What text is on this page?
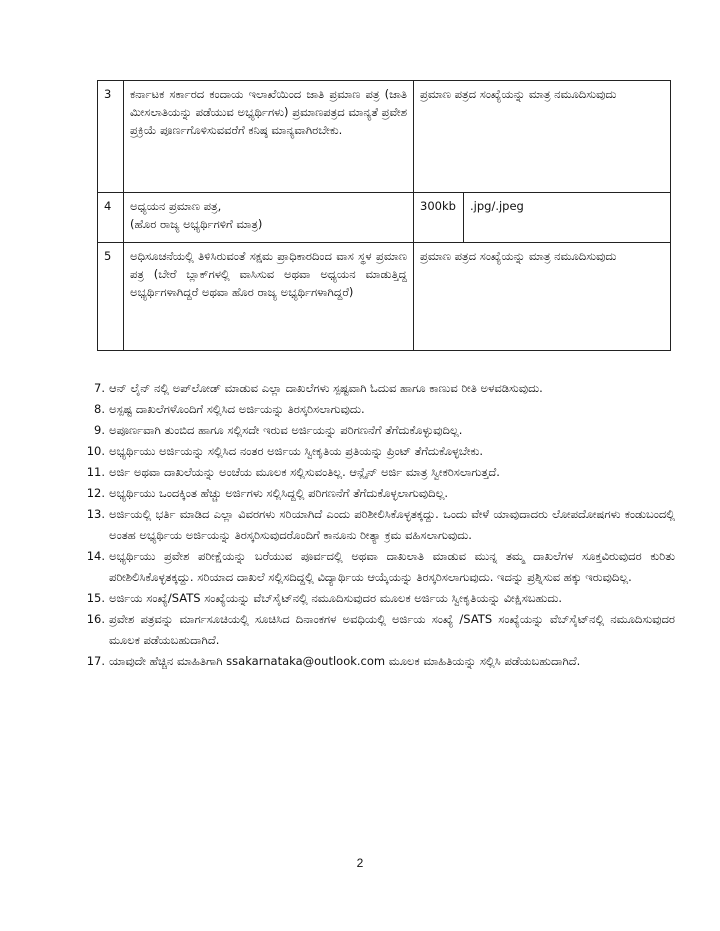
3	ಕರ್ನಾಟಕ ಸರ್ಕಾರದ ಕಂದಾಯ ಇಲಾಖೆಯಿಂದ ಜಾತಿ ಪ್ರಮಾಣ ಪತ್ರ (ಜಾತಿ ಮೀಸಲಾತಿಯನ್ನು ಪಡೆಯುವ ಅಭ್ಯರ್ಥಿಗಳು) ಪ್ರಮಾಣಪತ್ರದ ಮಾನ್ಯತೆ ಪ್ರವೇಶ ಪ್ರಕ್ರಿಯೆ ಪೂರ್ಣಗೊಳಿಸುವವರೆಗೆ ಕನಿಷ್ಠ ಮಾನ್ಯವಾಗಿರಬೇಕು.	ಪ್ರಮಾಣ ಪತ್ರದ ಸಂಖ್ಯೆಯನ್ನು ಮಾತ್ರ ನಮೂದಿಸುವುದು	
4	ಅಧ್ಯಯನ ಪ್ರಮಾಣ ಪತ್ರ,
(ಹೊರ ರಾಜ್ಯ ಅಭ್ಯರ್ಥಿಗಳಿಗೆ ಮಾತ್ರ)	300kb	.jpg/.jpeg
5	ಅಧಿಸೂಚನೆಯಲ್ಲಿ ತಿಳಿಸಿರುವಂತೆ ಸಕ್ಷಮ ಪ್ರಾಧಿಕಾರದಿಂದ ವಾಸ ಸ್ಥಳ ಪ್ರಮಾಣ ಪತ್ರ (ಬೇರೆ ಬ್ಲಾಕ್‌ಗಳಲ್ಲಿ ವಾಸಿಸುವ ಅಥವಾ ಅಧ್ಯಯನ ಮಾಡುತ್ತಿದ್ದ ಅಭ್ಯರ್ಥಿಗಳಾಗಿದ್ದರೆ ಅಥವಾ ಹೊರ ರಾಜ್ಯ ಅಭ್ಯರ್ಥಿಗಳಾಗಿದ್ದರೆ)	ಪ್ರಮಾಣ ಪತ್ರದ ಸಂಖ್ಯೆಯನ್ನು ಮಾತ್ರ ನಮೂದಿಸುವುದು	
7. ಆನ್ ಲೈನ್ ನಲ್ಲಿ ಅಪ್‌ಲೋಡ್ ಮಾಡುವ ಎಲ್ಲಾ ದಾಖಲೆಗಳು ಸ್ಪಷ್ಟವಾಗಿ ಓದುವ ಹಾಗೂ ಕಾಣುವ ರೀತಿ ಅಳವಡಿಸುವುದು.
8. ಅಸ್ಪಷ್ಟ ದಾಖಲೆಗಳೊಂದಿಗೆ ಸಲ್ಲಿಸಿದ ಅರ್ಜಿಯನ್ನು ತಿರಸ್ಕರಿಸಲಾಗುವುದು.
9. ಅಪೂರ್ಣವಾಗಿ ತುಂಬಿದ ಹಾಗೂ ಸಲ್ಲಿಸದೇ ಇರುವ ಅರ್ಜಿಯನ್ನು ಪರಿಗಣನೆಗೆ ತೆಗೆದುಕೊಳ್ಳುವುದಿಲ್ಲ.
10. ಅಭ್ಯರ್ಥಿಯು ಅರ್ಜಿಯನ್ನು ಸಲ್ಲಿಸಿದ ನಂತರ ಅರ್ಜಿಯ ಸ್ವೀಕೃತಿಯ ಪ್ರತಿಯನ್ನು ಪ್ರಿಂಟ್ ತೆಗೆದುಕೊಳ್ಳಬೇಕು.
11. ಅರ್ಜಿ ಅಥವಾ ದಾಖಲೆಯನ್ನು ಅಂಚೆಯ ಮೂಲಕ ಸಲ್ಲಿಸುವಂತಿಲ್ಲ. ಆನ್ಲೈನ್ ಅರ್ಜಿ ಮಾತ್ರ ಸ್ವೀಕರಿಸಲಾಗುತ್ತದೆ.
12. ಅಭ್ಯರ್ಥಿಯು ಒಂದಕ್ಕಿಂತ ಹೆಚ್ಚು ಅರ್ಜಿಗಳು ಸಲ್ಲಿಸಿದ್ದಲ್ಲಿ ಪರಿಗಣನೆಗೆ ತೆಗೆದುಕೊಳ್ಳಲಾಗುವುದಿಲ್ಲ.
13. ಅರ್ಜಿಯಲ್ಲಿ ಭರ್ತಿ ಮಾಡಿದ ಎಲ್ಲಾ ವಿವರಗಳು ಸರಿಯಾಗಿದೆ ಎಂದು ಪರಿಶೀಲಿಸಿಕೊಳ್ಳತಕ್ಕದ್ದು. ಒಂದು ವೇಳೆ ಯಾವುದಾದರು ಲೋಪದೋಷಗಳು ಕಂಡುಬಂದಲ್ಲಿ ಅಂತಹ ಅಭ್ಯರ್ಥಿಯ ಅರ್ಜಿಯನ್ನು ತಿರಸ್ಕರಿಸುವುದರೊಂದಿಗೆ ಕಾನೂನು ರೀತ್ಯಾ ಕ್ರಮ ವಹಿಸಲಾಗುವುದು.
14. ಅಭ್ಯರ್ಥಿಯು ಪ್ರವೇಶ ಪರೀಕ್ಷೆಯನ್ನು ಬರೆಯುವ ಪೂರ್ವದಲ್ಲಿ ಅಥವಾ ದಾಖಲಾತಿ ಮಾಡುವ ಮುನ್ನ ತಮ್ಮ ದಾಖಲೆಗಳ ಸೂಕ್ತವಿರುವುದರ ಕುರಿತು ಪರೀಶಿಲಿಸಿಕೊಳ್ಳತಕ್ಕದ್ದು. ಸರಿಯಾದ ದಾಖಲೆ ಸಲ್ಲಿಸದಿದ್ದಲ್ಲಿ ವಿದ್ಯಾರ್ಥಿಯ ಆಯ್ಕೆಯನ್ನು ತಿರಸ್ಕರಿಸಲಾಗುವುದು. ಇದನ್ನು ಪ್ರಶ್ನಿಸುವ ಹಕ್ಕು ಇರುವುದಿಲ್ಲ.
15. ಅರ್ಜಿಯ ಸಂಖ್ಯೆ/SATS ಸಂಖ್ಯೆಯನ್ನು ವೆಬ್‌ಸೈಟ್‌ನಲ್ಲಿ ನಮೂದಿಸುವುದರ ಮೂಲಕ ಅರ್ಜಿಯ ಸ್ವೀಕೃತಿಯನ್ನು ವೀಕ್ಷಿಸಬಹುದು.
16. ಪ್ರವೇಶ ಪತ್ರವನ್ನು ಮಾರ್ಗಸೂಚಿಯಲ್ಲಿ ಸೂಚಿಸಿದ ದಿನಾಂಕಗಳ ಅವಧಿಯಲ್ಲಿ ಅರ್ಜಿಯ ಸಂಖ್ಯೆ /SATS ಸಂಖ್ಯೆಯನ್ನು ವೆಬ್‌ಸೈಟ್‌ನಲ್ಲಿ ನಮೂದಿಸುವುದರ ಮೂಲಕ ಪಡೆಯಬಹುದಾಗಿದೆ.
17. ಯಾವುದೇ ಹೆಚ್ಚಿನ ಮಾಹಿತಿಗಾಗಿ ssakarnataka@outlook.com ಮೂಲಕ ಮಾಹಿತಿಯನ್ನು ಸಲ್ಲಿಸಿ ಪಡೆಯಬಹುದಾಗಿದೆ.
2
